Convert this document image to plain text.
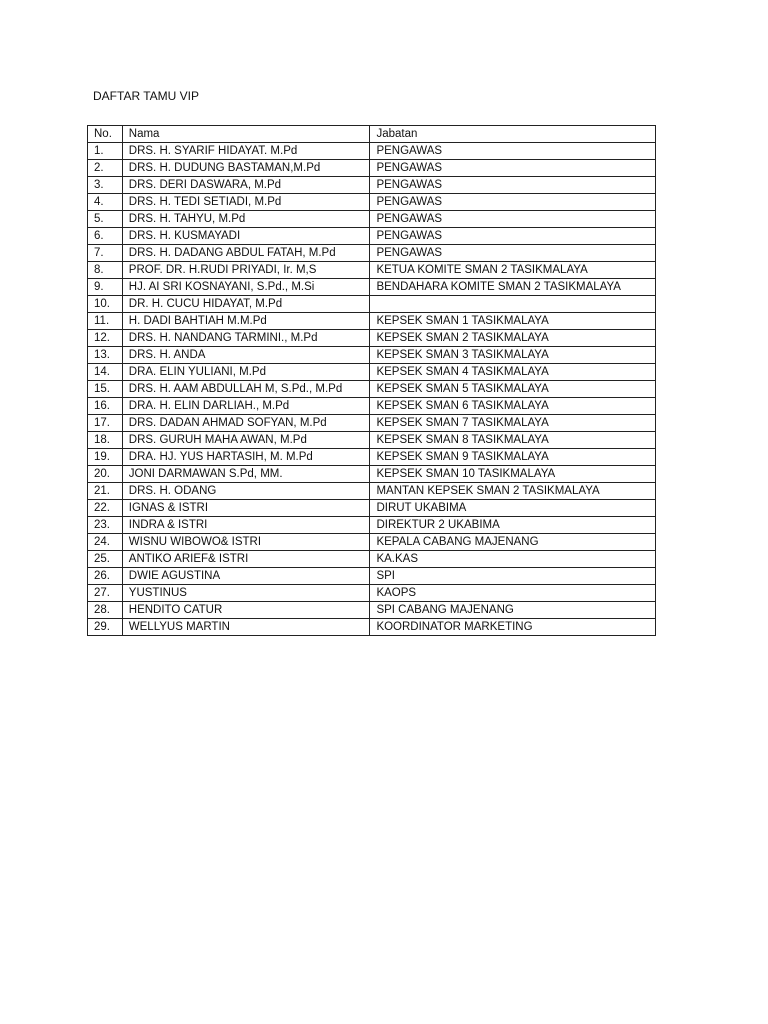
DAFTAR TAMU VIP
No.	Nama	Jabatan
1.	DRS. H. SYARIF HIDAYAT. M.Pd	PENGAWAS
2.	DRS. H. DUDUNG BASTAMAN,M.Pd	PENGAWAS
3.	DRS. DERI DASWARA, M.Pd	PENGAWAS
4.	DRS. H. TEDI SETIADI, M.Pd	PENGAWAS
5.	DRS. H. TAHYU, M.Pd	PENGAWAS
6.	DRS. H. KUSMAYADI	PENGAWAS
7.	DRS. H. DADANG ABDUL FATAH, M.Pd	PENGAWAS
8.	PROF. DR. H.RUDI PRIYADI, Ir. M,S	KETUA KOMITE SMAN 2 TASIKMALAYA
9.	HJ. AI SRI KOSNAYANI, S.Pd., M.Si	BENDAHARA KOMITE SMAN 2 TASIKMALAYA
10.	DR. H. CUCU HIDAYAT, M.Pd	
11.	H. DADI BAHTIAH M.M.Pd	KEPSEK SMAN 1 TASIKMALAYA
12.	DRS. H. NANDANG TARMINI., M.Pd	KEPSEK SMAN 2 TASIKMALAYA
13.	DRS. H. ANDA	KEPSEK SMAN 3 TASIKMALAYA
14.	DRA. ELIN YULIANI, M.Pd	KEPSEK SMAN 4 TASIKMALAYA
15.	DRS. H. AAM ABDULLAH M, S.Pd., M.Pd	KEPSEK SMAN 5 TASIKMALAYA
16.	DRA. H. ELIN DARLIAH., M.Pd	KEPSEK SMAN 6 TASIKMALAYA
17.	DRS. DADAN AHMAD SOFYAN, M.Pd	KEPSEK SMAN 7 TASIKMALAYA
18.	DRS. GURUH MAHA AWAN, M.Pd	KEPSEK SMAN 8 TASIKMALAYA
19.	DRA. HJ. YUS HARTASIH, M. M.Pd	KEPSEK SMAN 9 TASIKMALAYA
20.	JONI DARMAWAN S.Pd, MM.	KEPSEK SMAN 10 TASIKMALAYA
21.	DRS. H. ODANG	MANTAN KEPSEK SMAN 2 TASIKMALAYA
22.	IGNAS & ISTRI	DIRUT UKABIMA
23.	INDRA & ISTRI	DIREKTUR 2 UKABIMA
24.	WISNU WIBOWO& ISTRI	KEPALA CABANG MAJENANG
25.	ANTIKO ARIEF& ISTRI	KA.KAS
26.	DWIE AGUSTINA	SPI
27.	YUSTINUS	KAOPS
28.	HENDITO CATUR	SPI CABANG MAJENANG
29.	WELLYUS MARTIN	KOORDINATOR MARKETING
